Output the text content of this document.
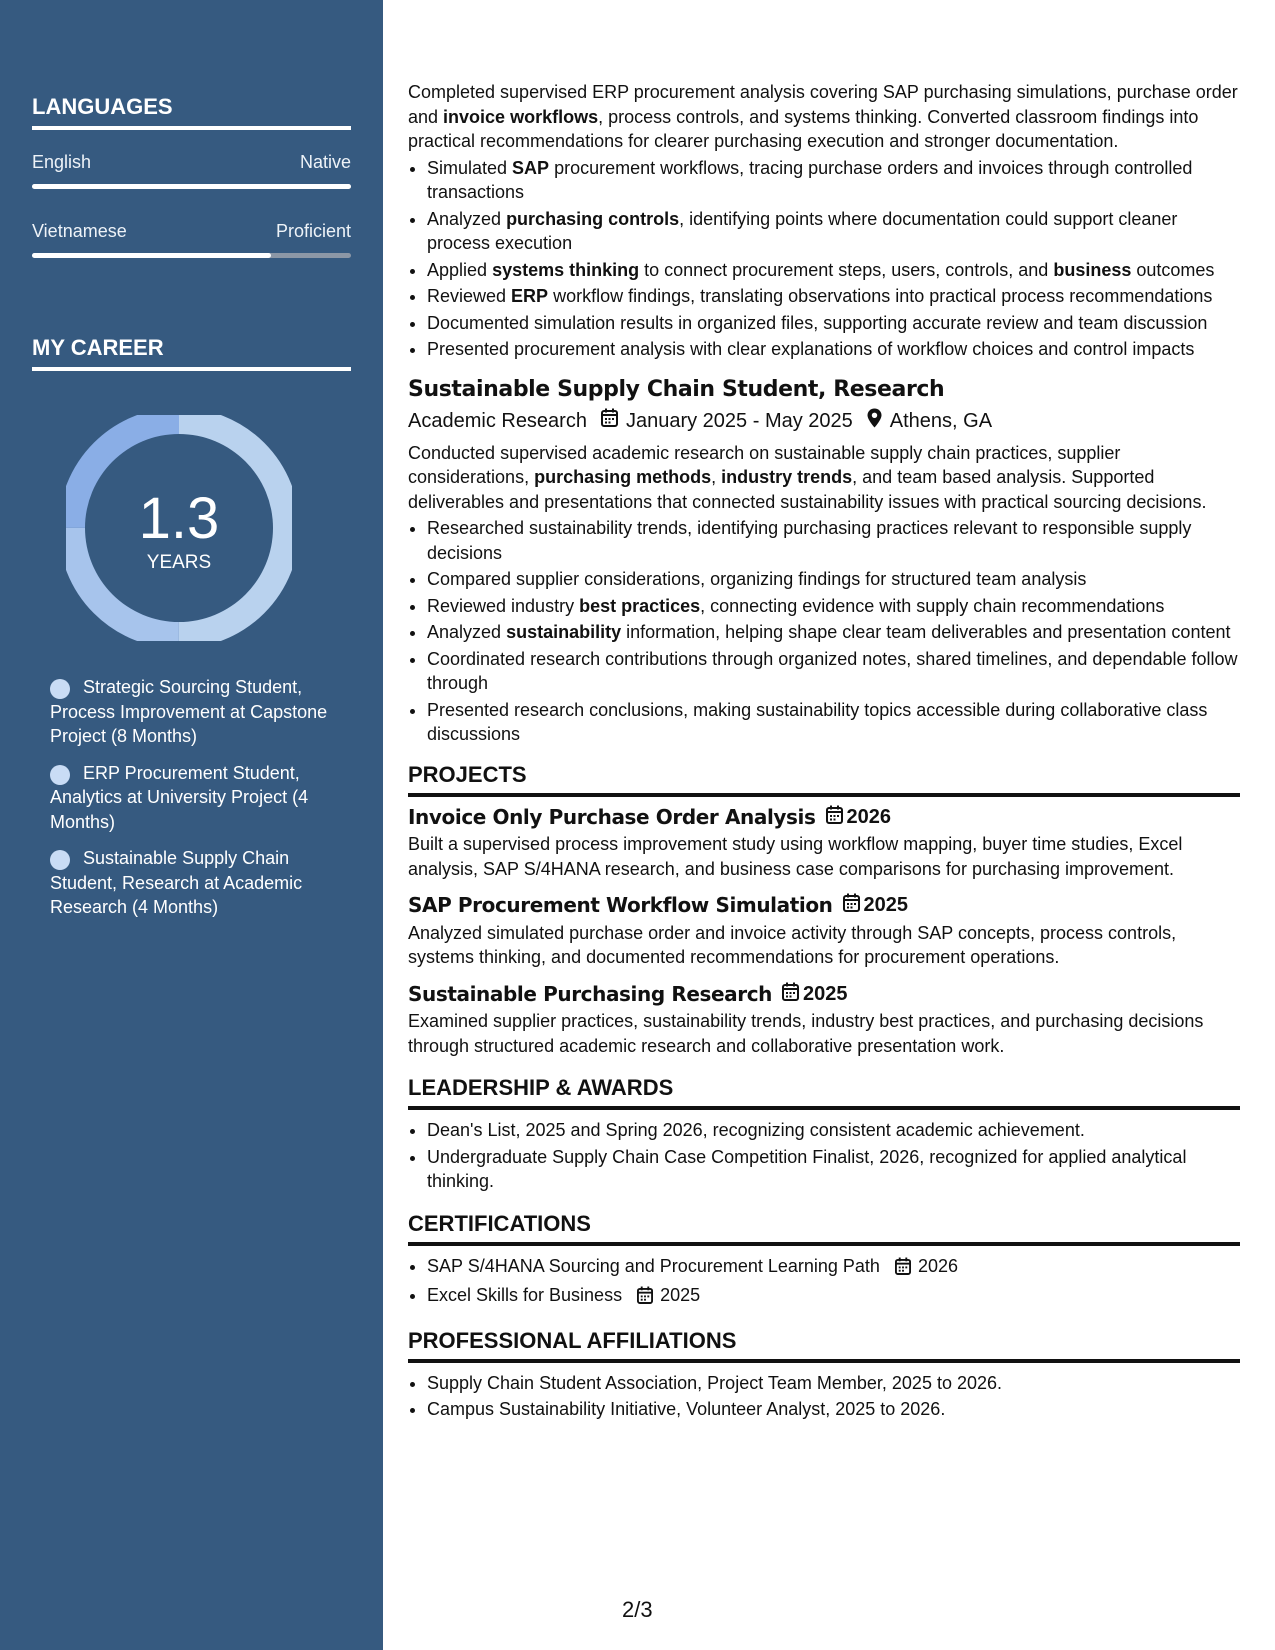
LANGUAGES
English	Native
Vietnamese	Proficient
MY CAREER
1.3
YEARS
Strategic Sourcing Student, Process Improvement at Capstone Project (8 Months)
ERP Procurement Student, Analytics at University Project (4 Months)
Sustainable Supply Chain Student, Research at Academic Research (4 Months)

Completed supervised ERP procurement analysis covering SAP purchasing simulations, purchase order and invoice workflows, process controls, and systems thinking. Converted classroom findings into practical recommendations for clearer purchasing execution and stronger documentation.

• Simulated SAP procurement workflows, tracing purchase orders and invoices through controlled transactions
• Analyzed purchasing controls, identifying points where documentation could support cleaner process execution
• Applied systems thinking to connect procurement steps, users, controls, and business outcomes
• Reviewed ERP workflow findings, translating observations into practical process recommendations
• Documented simulation results in organized files, supporting accurate review and team discussion
• Presented procurement analysis with clear explanations of workflow choices and control impacts
Sustainable Supply Chain Student, Research
Academic Research January 2025 - May 2025 Athens, GA

Conducted supervised academic research on sustainable supply chain practices, supplier considerations, purchasing methods, industry trends, and team based analysis. Supported deliverables and presentations that connected sustainability issues with practical sourcing decisions.

• Researched sustainability trends, identifying purchasing practices relevant to responsible supply decisions
• Compared supplier considerations, organizing findings for structured team analysis
• Reviewed industry best practices, connecting evidence with supply chain recommendations
• Analyzed sustainability information, helping shape clear team deliverables and presentation content
• Coordinated research contributions through organized notes, shared timelines, and dependable follow through
• Presented research conclusions, making sustainability topics accessible during collaborative class discussions
PROJECTS
Invoice Only Purchase Order Analysis 2026

Built a supervised process improvement study using workflow mapping, buyer time studies, Excel analysis, SAP S/4HANA research, and business case comparisons for purchasing improvement.

SAP Procurement Workflow Simulation 2025

Analyzed simulated purchase order and invoice activity through SAP concepts, process controls, systems thinking, and documented recommendations for procurement operations.

Sustainable Purchasing Research 2025

Examined supplier practices, sustainability trends, industry best practices, and purchasing decisions through structured academic research and collaborative presentation work.

LEADERSHIP & AWARDS
• Dean's List, 2025 and Spring 2026, recognizing consistent academic achievement.
• Undergraduate Supply Chain Case Competition Finalist, 2026, recognized for applied analytical thinking.
CERTIFICATIONS
• SAP S/4HANA Sourcing and Procurement Learning Path 2026
• Excel Skills for Business 2025
PROFESSIONAL AFFILIATIONS
• Supply Chain Student Association, Project Team Member, 2025 to 2026.
• Campus Sustainability Initiative, Volunteer Analyst, 2025 to 2026.
2/3
